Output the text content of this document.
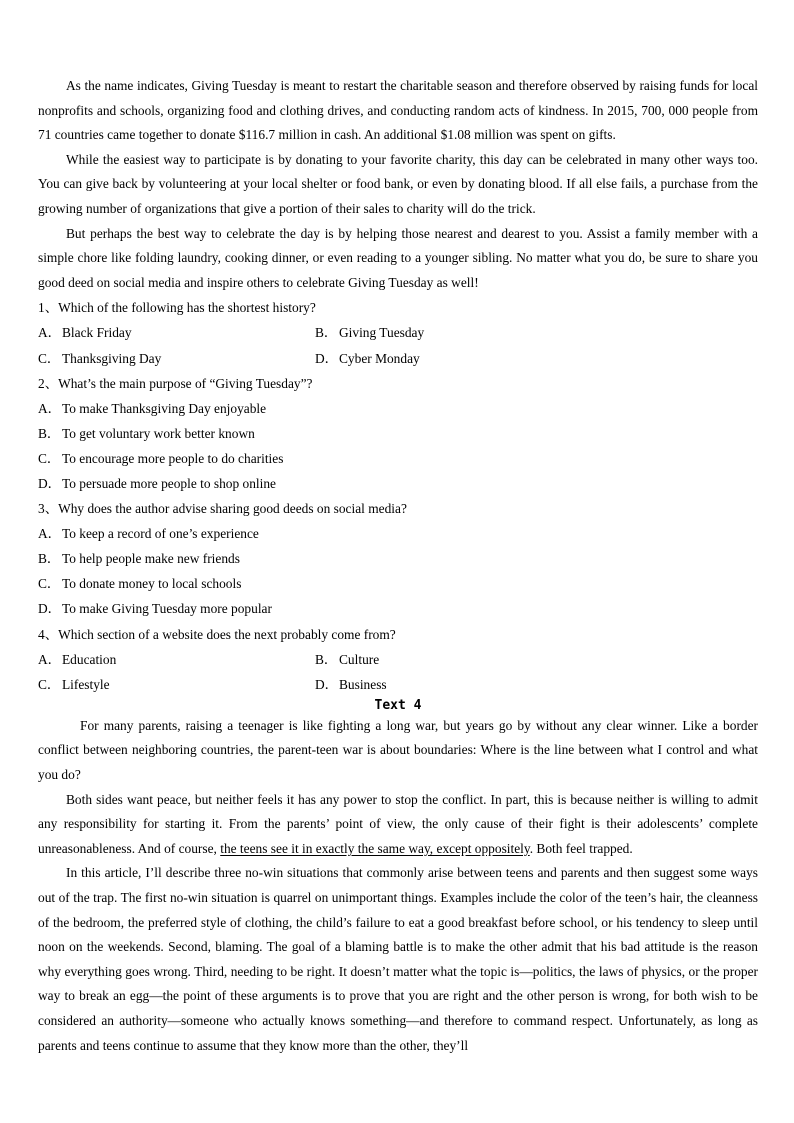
As the name indicates, Giving Tuesday is meant to restart the charitable season and therefore observed by raising funds for local nonprofits and schools, organizing food and clothing drives, and conducting random acts of kindness. In 2015, 700, 000 people from 71 countries came together to donate $116.7 million in cash. An additional $1.08 million was spent on gifts.

While the easiest way to participate is by donating to your favorite charity, this day can be celebrated in many other ways too. You can give back by volunteering at your local shelter or food bank, or even by donating blood. If all else fails, a purchase from the growing number of organizations that give a portion of their sales to charity will do the trick.

But perhaps the best way to celebrate the day is by helping those nearest and dearest to you. Assist a family member with a simple chore like folding laundry, cooking dinner, or even reading to a younger sibling. No matter what you do, be sure to share you good deed on social media and inspire others to celebrate Giving Tuesday as well!

1、Which of the following has the shortest history?

A．Black Friday	B． Giving Tuesday
C． Thanksgiving Day	D．Cyber Monday

2、What’s the main purpose of “Giving Tuesday”?

A．To make Thanksgiving Day enjoyable
B． To get voluntary work better known
C． To encourage more people to do charities
D．To persuade more people to shop online

3、Why does the author advise sharing good deeds on social media?

A．To keep a record of one’s experience
B． To help people make new friends
C． To donate money to local schools
D．To make Giving Tuesday more popular

4、Which section of a website does the next probably come from?

A．Education	B． Culture
C． Lifestyle	D．Business
Text 4

For many parents, raising a teenager is like fighting a long war, but years go by without any clear winner. Like a border conflict between neighboring countries, the parent-teen war is about boundaries: Where is the line between what I control and what you do?

Both sides want peace, but neither feels it has any power to stop the conflict. In part, this is because neither is willing to admit any responsibility for starting it. From the parents’ point of view, the only cause of their fight is their adolescents’ complete unreasonableness. And of course, the teens see it in exactly the same way, except oppositely. Both feel trapped.

In this article, I’ll describe three no-win situations that commonly arise between teens and parents and then suggest some ways out of the trap. The first no-win situation is quarrel on unimportant things. Examples include the color of the teen’s hair, the cleanness of the bedroom, the preferred style of clothing, the child’s failure to eat a good breakfast before school, or his tendency to sleep until noon on the weekends. Second, blaming. The goal of a blaming battle is to make the other admit that his bad attitude is the reason why everything goes wrong. Third, needing to be right. It doesn’t matter what the topic is—politics, the laws of physics, or the proper way to break an egg—the point of these arguments is to prove that you are right and the other person is wrong, for both wish to be considered an authority—someone who actually knows something—and therefore to command respect. Unfortunately, as long as parents and teens continue to assume that they know more than the other, they’ll
